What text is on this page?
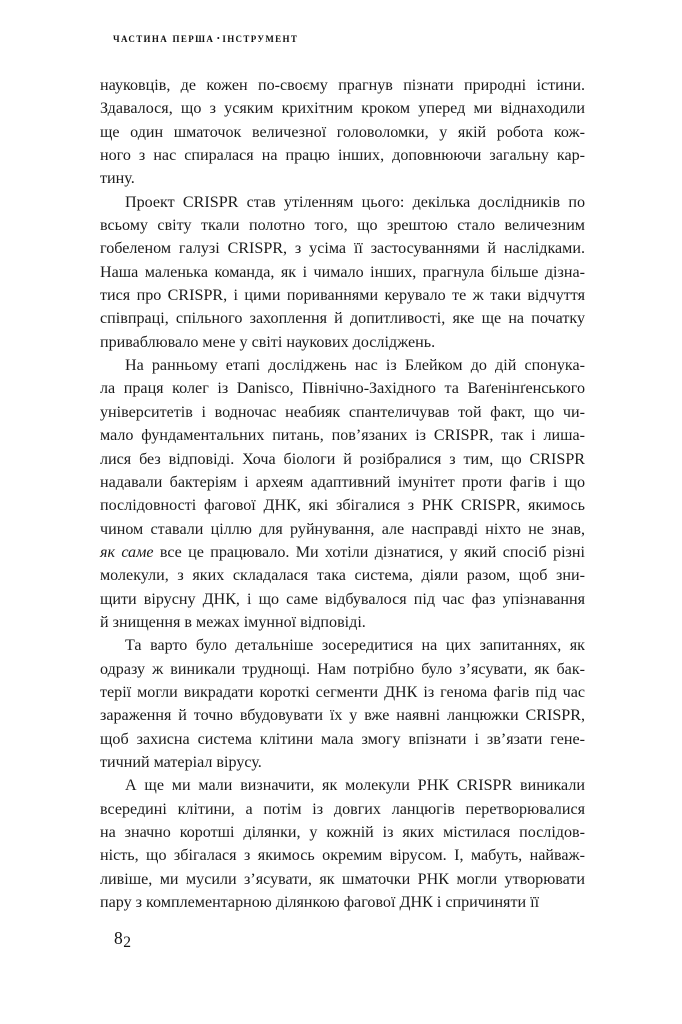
частина перша · інструмент

науковців, де кожен по-своєму прагнув пізнати природні істини.
Здавалося, що з усяким крихітним кроком уперед ми віднаходили
ще один шматочок величезної головоломки, у якій робота кож-
ного з нас спиралася на працю інших, доповнюючи загальну кар-
тину.

Проект CRISPR став утіленням цього: декілька дослідників по
всьому світу ткали полотно того, що зрештою стало величезним
гобеленом галузі CRISPR, з усіма її застосуваннями й наслідками.
Наша маленька команда, як і чимало інших, прагнула більше дізна-
тися про CRISPR, і цими пориваннями керувало те ж таки відчуття
співпраці, спільного захоплення й допитливості, яке ще на початку
приваблювало мене у світі наукових досліджень.

На ранньому етапі досліджень нас із Блейком до дій спонука-
ла праця колег із Danisco, Північно-Західного та Ваґенінґенського
університетів і водночас неабияк спантеличував той факт, що чи-
мало фундаментальних питань, пов’язаних із CRISPR, так і лиша-
лися без відповіді. Хоча біологи й розібралися з тим, що CRISPR
надавали бактеріям і археям адаптивний імунітет проти фагів і що
послідовності фагової ДНК, які збігалися з РНК CRISPR, якимось
чином ставали ціллю для руйнування, але насправді ніхто не знав,
як саме все це працювало. Ми хотіли дізнатися, у який спосіб різні
молекули, з яких складалася така система, діяли разом, щоб зни-
щити вірусну ДНК, і що саме відбувалося під час фаз упізнавання
й знищення в межах імунної відповіді.

Та варто було детальніше зосередитися на цих запитаннях, як
одразу ж виникали труднощі. Нам потрібно було з’ясувати, як бак-
терії могли викрадати короткі сегменти ДНК із генома фагів під час
зараження й точно вбудовувати їх у вже наявні ланцюжки CRISPR,
щоб захисна система клітини мала змогу впізнати і зв’язати гене-
тичний матеріал вірусу.

А ще ми мали визначити, як молекули РНК CRISPR виникали
всередині клітини, а потім із довгих ланцюгів перетворювалися
на значно коротші ділянки, у кожній із яких містилася послідов-
ність, що збігалася з якимось окремим вірусом. І, мабуть, найваж-
ливіше, ми мусили з’ясувати, як шматочки РНК могли утворювати
пару з комплементарною ділянкою фагової ДНК і спричиняти її

82
